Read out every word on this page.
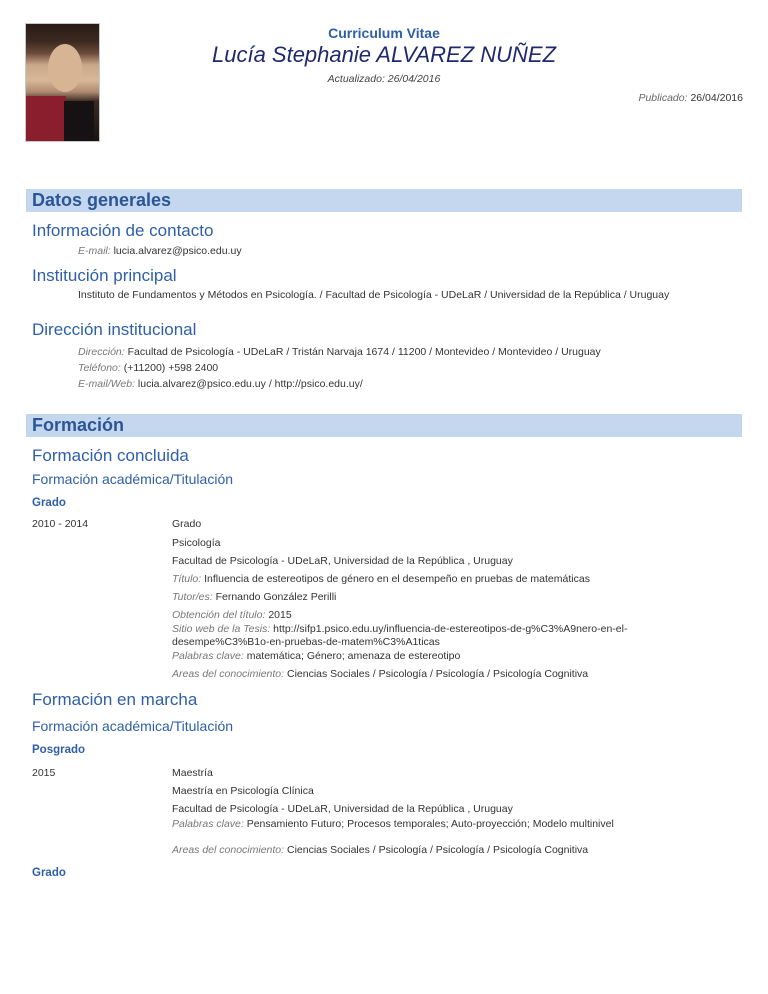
Curriculum Vitae
Lucía Stephanie ALVAREZ NUÑEZ
Actualizado: 26/04/2016
Publicado: 26/04/2016
Datos generales
Información de contacto
E-mail: lucia.alvarez@psico.edu.uy
Institución principal
Instituto de Fundamentos y Métodos en Psicología. / Facultad de Psicología - UDeLaR / Universidad de la República / Uruguay
Dirección institucional
Dirección: Facultad de Psicología - UDeLaR / Tristán Narvaja 1674 / 11200 / Montevideo / Montevideo / Uruguay
Teléfono: (+11200) +598 2400
E-mail/Web: lucia.alvarez@psico.edu.uy / http://psico.edu.uy/
Formación
Formación concluida
Formación académica/Titulación
Grado
2010 - 2014	Grado
Psicología
Facultad de Psicología - UDeLaR, Universidad de la República , Uruguay
Título: Influencia de estereotipos de género en el desempeño en pruebas de matemáticas
Tutor/es: Fernando González Perilli
Obtención del título: 2015
Sitio web de la Tesis: http://sifp1.psico.edu.uy/influencia-de-estereotipos-de-g%C3%A9nero-en-el-
desempe%C3%B1o-en-pruebas-de-matem%C3%A1ticas
Palabras clave: matemática; Género; amenaza de estereotipo
Areas del conocimiento: Ciencias Sociales / Psicología / Psicología / Psicología Cognitiva
Formación en marcha
Formación académica/Titulación
Posgrado
2015	Maestría
Maestría en Psicología Clínica
Facultad de Psicología - UDeLaR, Universidad de la República , Uruguay
Palabras clave: Pensamiento Futuro; Procesos temporales; Auto-proyección; Modelo multinivel
Areas del conocimiento: Ciencias Sociales / Psicología / Psicología / Psicología Cognitiva
Grado
